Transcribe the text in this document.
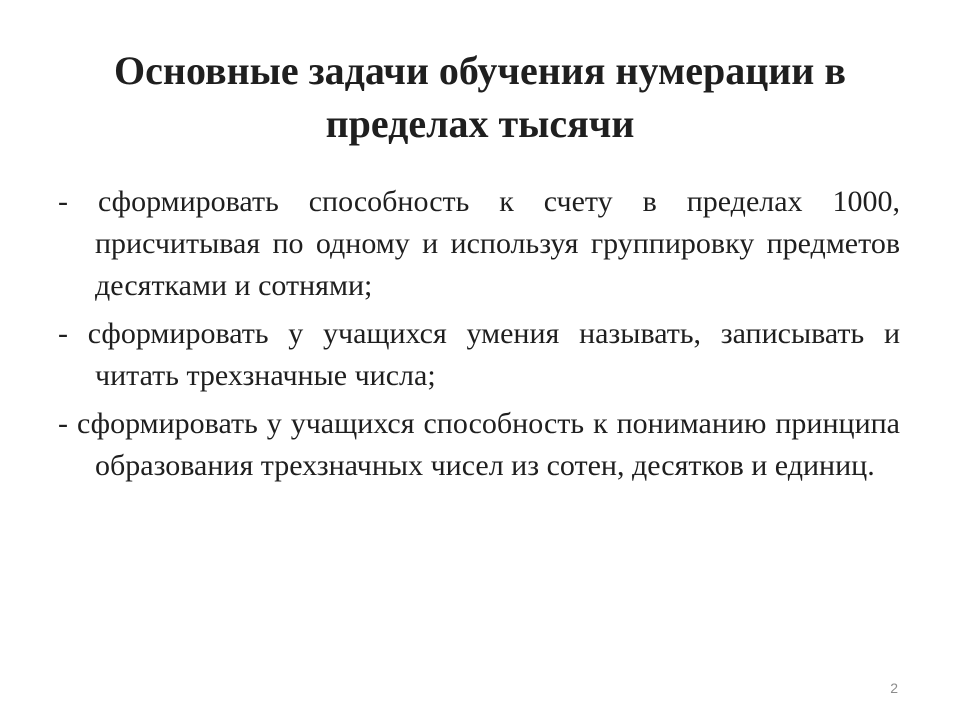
Основные задачи обучения нумерации в пределах тысячи
- сформировать способность к счету в пределах 1000, присчитывая по одному и используя группировку предметов десятками и сотнями;
- сформировать у учащихся умения называть, записывать и читать трехзначные числа;
- сформировать у учащихся способность к пониманию принципа образования трехзначных чисел из сотен, десятков и единиц.
2
